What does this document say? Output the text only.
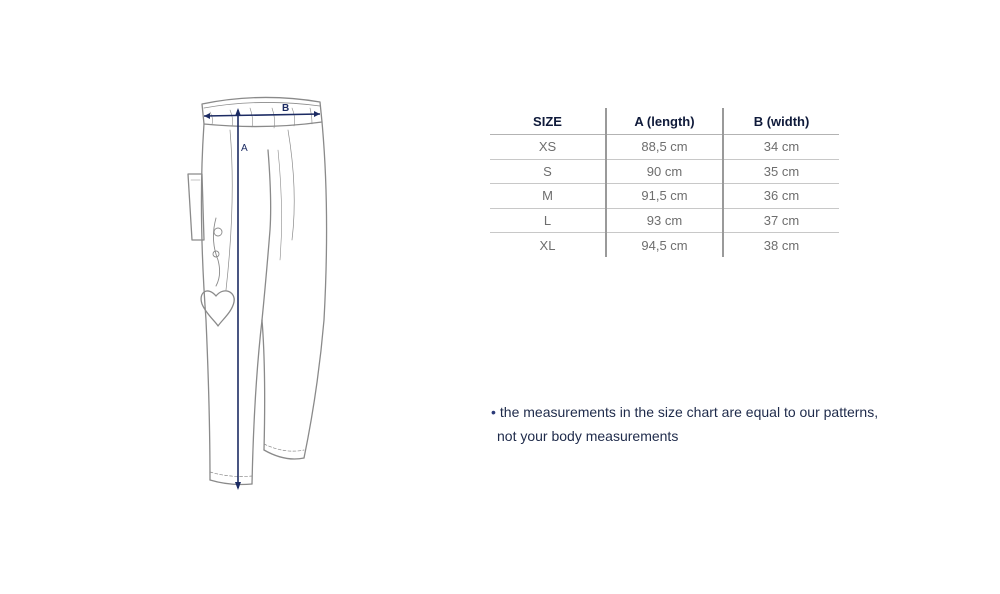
B
A
SIZE	A (length)	B (width)
XS	88,5 cm	34 cm
S	90 cm	35 cm
M	91,5 cm	36 cm
L	93 cm	37 cm
XL	94,5 cm	38 cm
• the measurements in the size chart are equal to our patterns,
not your body measurements
